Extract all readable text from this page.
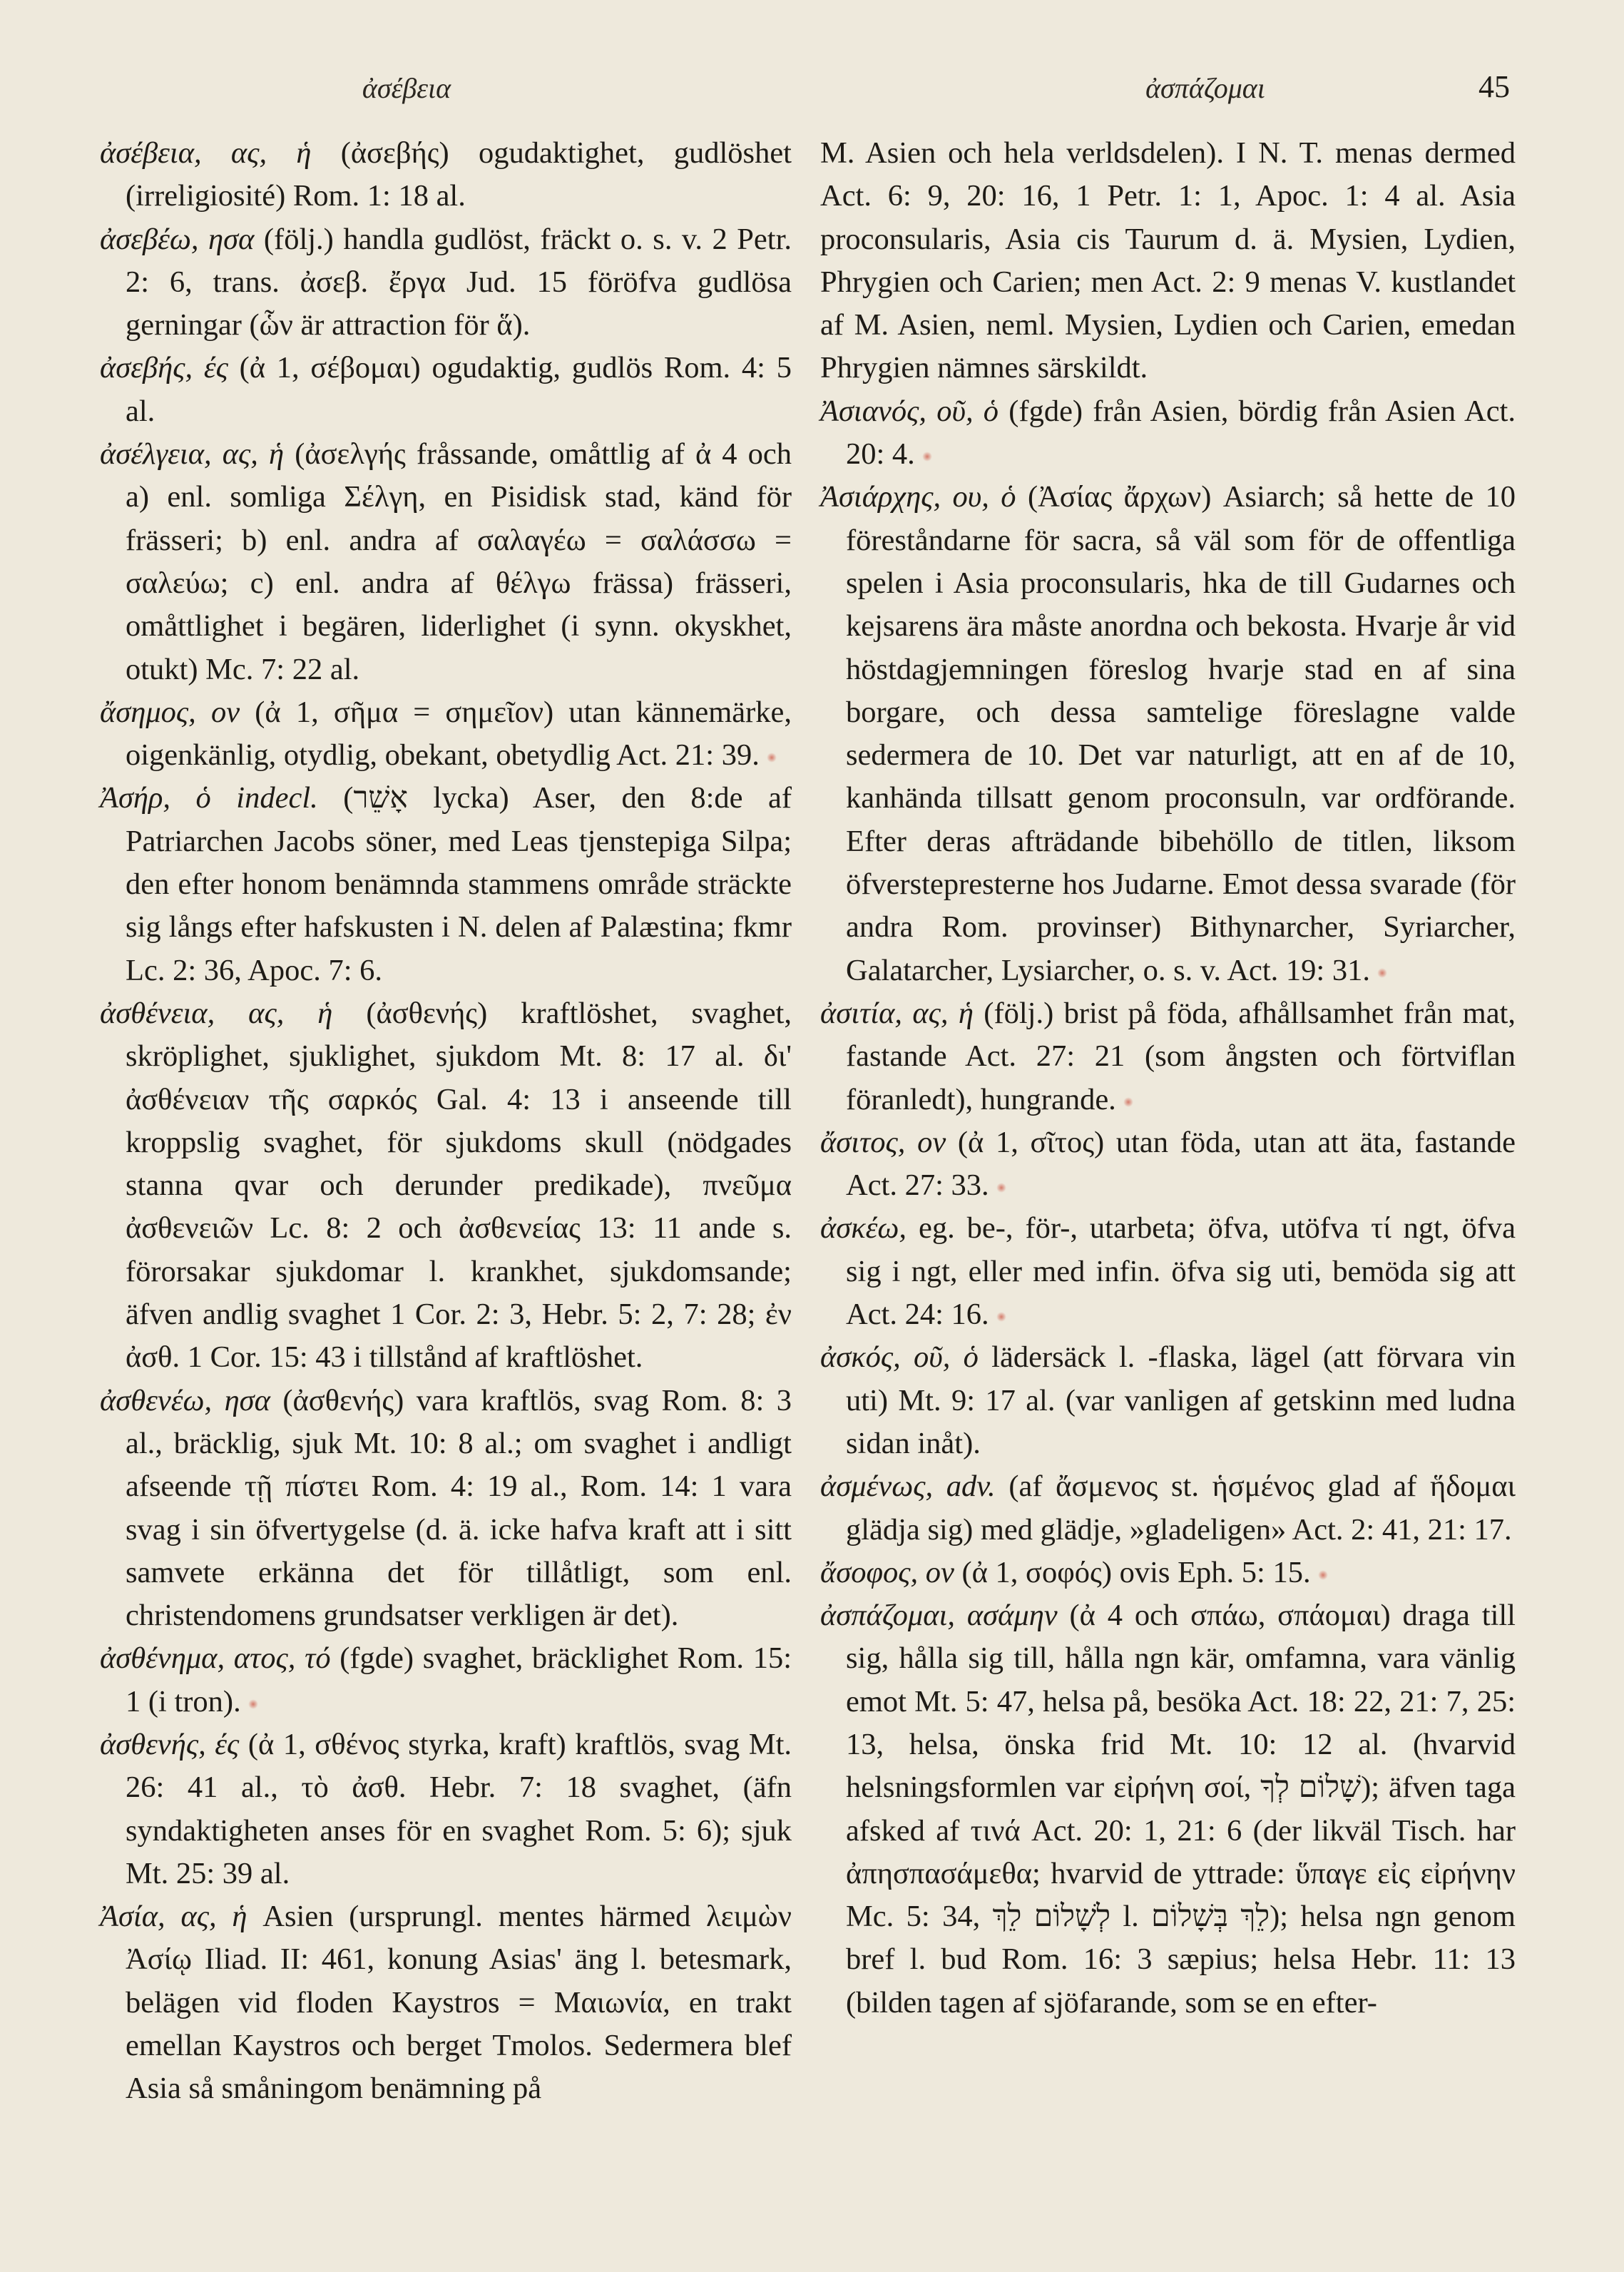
ἀσέβεια	ἀσπάζομαι	45

ἀσέβεια, ας, ἡ (ἀσεβής) ogudaktighet, gudlöshet (irreligiosité) Rom. 1: 18 al.

ἀσεβέω, ησα (följ.) handla gudlöst, fräckt o. s. v. 2 Petr. 2: 6, trans. ἀσεβ. ἔργα Jud. 15 föröfva gudlösa gerningar (ὧν är attraction för ἅ).

ἀσεβής, ές (ἀ 1, σέβομαι) ogudaktig, gudlös Rom. 4: 5 al.

ἀσέλγεια, ας, ἡ (ἀσελγής fråssande, omåttlig af ἀ 4 och a) enl. somliga Σέλγη, en Pisidisk stad, känd för frässeri; b) enl. andra af σαλαγέω = σαλάσσω = σαλεύω; c) enl. andra af θέλγω frässa) frässeri, omåttlighet i begären, liderlighet (i synn. okyskhet, otukt) Mc. 7: 22 al.

ἄσημος, ον (ἀ 1, σῆμα = σημεῖον) utan kännemärke, oigenkänlig, otydlig, obekant, obetydlig Act. 21: 39.

Ἀσήρ, ὁ indecl. (אָשֵׁר lycka) Aser, den 8:de af Patriarchen Jacobs söner, med Leas tjenstepiga Silpa; den efter honom benämnda stammens område sträckte sig långs efter hafskusten i N. delen af Palæstina; fkmr Lc. 2: 36, Apoc. 7: 6.

ἀσθένεια, ας, ἡ (ἀσθενής) kraftlöshet, svaghet, skröplighet, sjuklighet, sjukdom Mt. 8: 17 al. δι' ἀσθένειαν τῆς σαρκός Gal. 4: 13 i anseende till kroppslig svaghet, för sjukdoms skull (nödgades stanna qvar och derunder predikade), πνεῦμα ἀσθενειῶν Lc. 8: 2 och ἀσθενείας 13: 11 ande s. förorsakar sjukdomar l. krankhet, sjukdomsande; äfven andlig svaghet 1 Cor. 2: 3, Hebr. 5: 2, 7: 28; ἐν ἀσθ. 1 Cor. 15: 43 i tillstånd af kraftlöshet.

ἀσθενέω, ησα (ἀσθενής) vara kraftlös, svag Rom. 8: 3 al., bräcklig, sjuk Mt. 10: 8 al.; om svaghet i andligt afseende τῇ πίστει Rom. 4: 19 al., Rom. 14: 1 vara svag i sin öfvertygelse (d. ä. icke hafva kraft att i sitt samvete erkänna det för tillåtligt, som enl. christendomens grundsatser verkligen är det).

ἀσθένημα, ατος, τό (fgde) svaghet, bräcklighet Rom. 15: 1 (i tron).

ἀσθενής, ές (ἀ 1, σθένος styrka, kraft) kraftlös, svag Mt. 26: 41 al., τὸ ἀσθ. Hebr. 7: 18 svaghet, (äfn syndaktigheten anses för en svaghet Rom. 5: 6); sjuk Mt. 25: 39 al.

Ἀσία, ας, ἡ Asien (ursprungl. mentes härmed λειμὼν Ἀσίῳ Iliad. II: 461, konung Asias' äng l. betesmark, belägen vid floden Kaystros = Μαιωνία, en trakt emellan Kaystros och berget Tmolos. Sedermera blef Asia så småningom benämning på

M. Asien och hela verldsdelen). I N. T. menas dermed Act. 6: 9, 20: 16, 1 Petr. 1: 1, Apoc. 1: 4 al. Asia proconsularis, Asia cis Taurum d. ä. Mysien, Lydien, Phrygien och Carien; men Act. 2: 9 menas V. kustlandet af M. Asien, neml. Mysien, Lydien och Carien, emedan Phrygien nämnes särskildt.

Ἀσιανός, οῦ, ὁ (fgde) från Asien, bördig från Asien Act. 20: 4.

Ἀσιάρχης, ου, ὁ (Ἀσίας ἄρχων) Asiarch; så hette de 10 föreståndarne för sacra, så väl som för de offentliga spelen i Asia proconsularis, hka de till Gudarnes och kejsarens ära måste anordna och bekosta. Hvarje år vid höstdagjemningen föreslog hvarje stad en af sina borgare, och dessa samtelige föreslagne valde sedermera de 10. Det var naturligt, att en af de 10, kanhända tillsatt genom proconsuln, var ordförande. Efter deras afträdande bibehöllo de titlen, liksom öfverstepresterne hos Judarne. Emot dessa svarade (för andra Rom. provinser) Bithynarcher, Syriarcher, Galatarcher, Lysiarcher, o. s. v. Act. 19: 31.

ἀσιτία, ας, ἡ (följ.) brist på föda, afhållsamhet från mat, fastande Act. 27: 21 (som ångsten och förtviflan föranledt), hungrande.

ἄσιτος, ον (ἀ 1, σῖτος) utan föda, utan att äta, fastande Act. 27: 33.

ἀσκέω, eg. be-, för-, utarbeta; öfva, utöfva τί ngt, öfva sig i ngt, eller med infin. öfva sig uti, bemöda sig att Act. 24: 16.

ἀσκός, οῦ, ὁ lädersäck l. -flaska, lägel (att förvara vin uti) Mt. 9: 17 al. (var vanligen af getskinn med ludna sidan inåt).

ἀσμένως, adv. (af ἄσμενος st. ἡσμένος glad af ἥδομαι glädja sig) med glädje, »gladeligen» Act. 2: 41, 21: 17.

ἄσοφος, ον (ἀ 1, σοφός) ovis Eph. 5: 15.

ἀσπάζομαι, ασάμην (ἀ 4 och σπάω, σπάομαι) draga till sig, hålla sig till, hålla ngn kär, omfamna, vara vänlig emot Mt. 5: 47, helsa på, besöka Act. 18: 22, 21: 7, 25: 13, helsa, önska frid Mt. 10: 12 al. (hvarvid helsningsformlen var εἰρήνη σοί, שָׁלוֹם לְךָ); äfven taga afsked af τινά Act. 20: 1, 21: 6 (der likväl Tisch. har ἀπησπασάμεθα; hvarvid de yttrade: ὕπαγε εἰς εἰρήνην Mc. 5: 34, לְשָׁלוֹם לֵךְ l. לֵךְ בְּשָׁלוֹם); helsa ngn genom bref l. bud Rom. 16: 3 sæpius; helsa Hebr. 11: 13 (bilden tagen af sjöfarande, som se en efter-
